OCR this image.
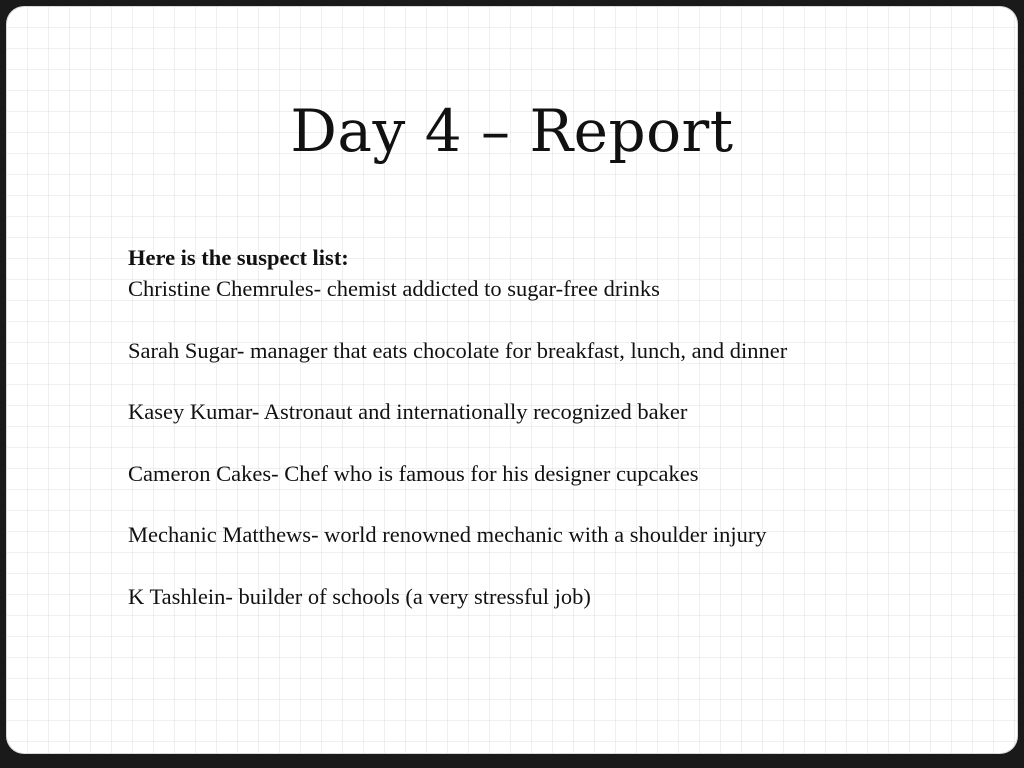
Day 4 – Report
Here is the suspect list:
Christine Chemrules- chemist addicted to sugar-free drinks
Sarah Sugar- manager that eats chocolate for breakfast, lunch, and dinner
Kasey Kumar- Astronaut and internationally recognized baker
Cameron Cakes- Chef who is famous for his designer cupcakes
Mechanic Matthews- world renowned mechanic with a shoulder injury
K Tashlein- builder of schools (a very stressful job)
